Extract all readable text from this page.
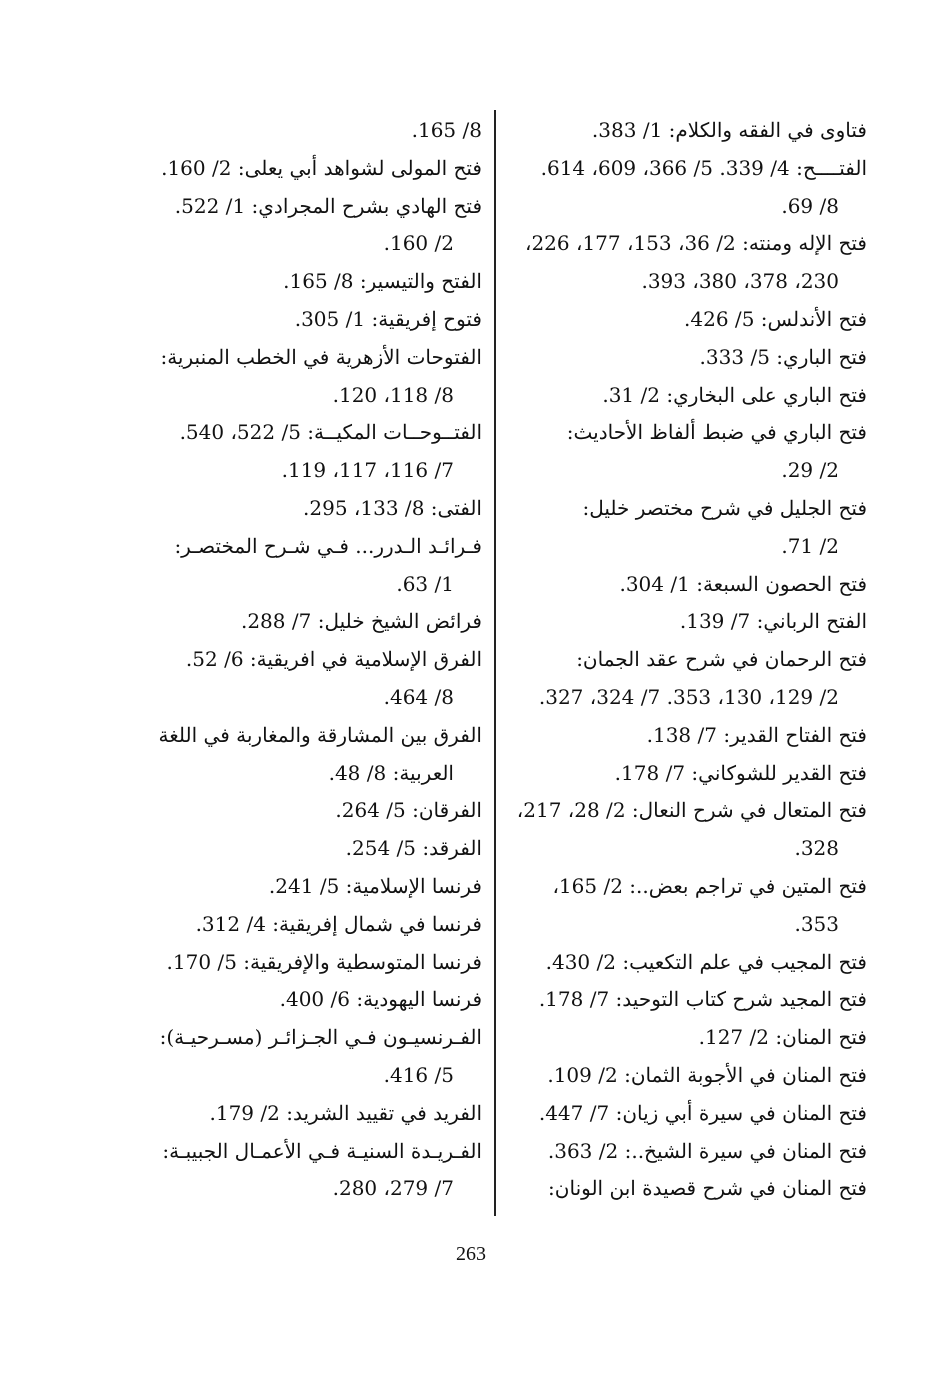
فتاوى في الفقه والكلام: 1/ 383.

الفتــــح: 4/ 339. 5/ 366، 609، 614.
8/ 69.

فتح الإله ومنته: 2/ 36، 153، 177، 226،
230، 378، 380، 393.

فتح الأندلس: 5/ 426.

فتح الباري: 5/ 333.

فتح الباري على البخاري: 2/ 31.

فتح الباري في ضبط ألفاظ الأحاديث:
2/ 29.

فتح الجليل في شرح مختصر خليل:
2/ 71.

فتح الحصون السبعة: 1/ 304.

الفتح الرباني: 7/ 139.

فتح الرحمان في شرح عقد الجمان:
2/ 129، 130، 353. 7/ 324، 327.

فتح الفتاح القدير: 7/ 138.

فتح القدير للشوكاني: 7/ 178.

فتح المتعال في شرح النعال: 2/ 28، 217،
328.

فتح المتين في تراجم بعض..: 2/ 165،
353.

فتح المجيب في علم التكعيب: 2/ 430.

فتح المجيد شرح كتاب التوحيد: 7/ 178.

فتح المنان: 2/ 127.

فتح المنان في الأجوبة الثمان: 2/ 109.

فتح المنان في سيرة أبي زيان: 7/ 447.

فتح المنان في سيرة الشيخ..: 2/ 363.

فتح المنان في شرح قصيدة ابن الونان:

8/ 165.

فتح المولى لشواهد أبي يعلى: 2/ 160.

فتح الهادي بشرح المجرادي: 1/ 522.
2/ 160.

الفتح والتيسير: 8/ 165.

فتوح إفريقية: 1/ 305.

الفتوحات الأزهرية في الخطب المنبرية:
8/ 118، 120.

الفتــوحــات المكيــة: 5/ 522، 540.
7/ 116، 117، 119.

الفتى: 8/ 133، 295.

فـرائـد الـدرر... فـي شـرح المختصـر:
1/ 63.

فرائض الشيخ خليل: 7/ 288.

الفرق الإسلامية في افريقية: 6/ 52.
8/ 464.

الفرق بين المشارقة والمغاربة في اللغة
العربية: 8/ 48.

الفرقان: 5/ 264.

الفرقد: 5/ 254.

فرنسا الإسلامية: 5/ 241.

فرنسا في شمال إفريقية: 4/ 312.

فرنسا المتوسطية والإفريقية: 5/ 170.

فرنسا اليهودية: 6/ 400.

الفـرنسيـون فـي الجـزائـر (مسـرحيـة):
5/ 416.

الفريد في تقييد الشريد: 2/ 179.

الفـريـدة السنيـة فـي الأعمـال الجبيبـة:
7/ 279، 280.

263
